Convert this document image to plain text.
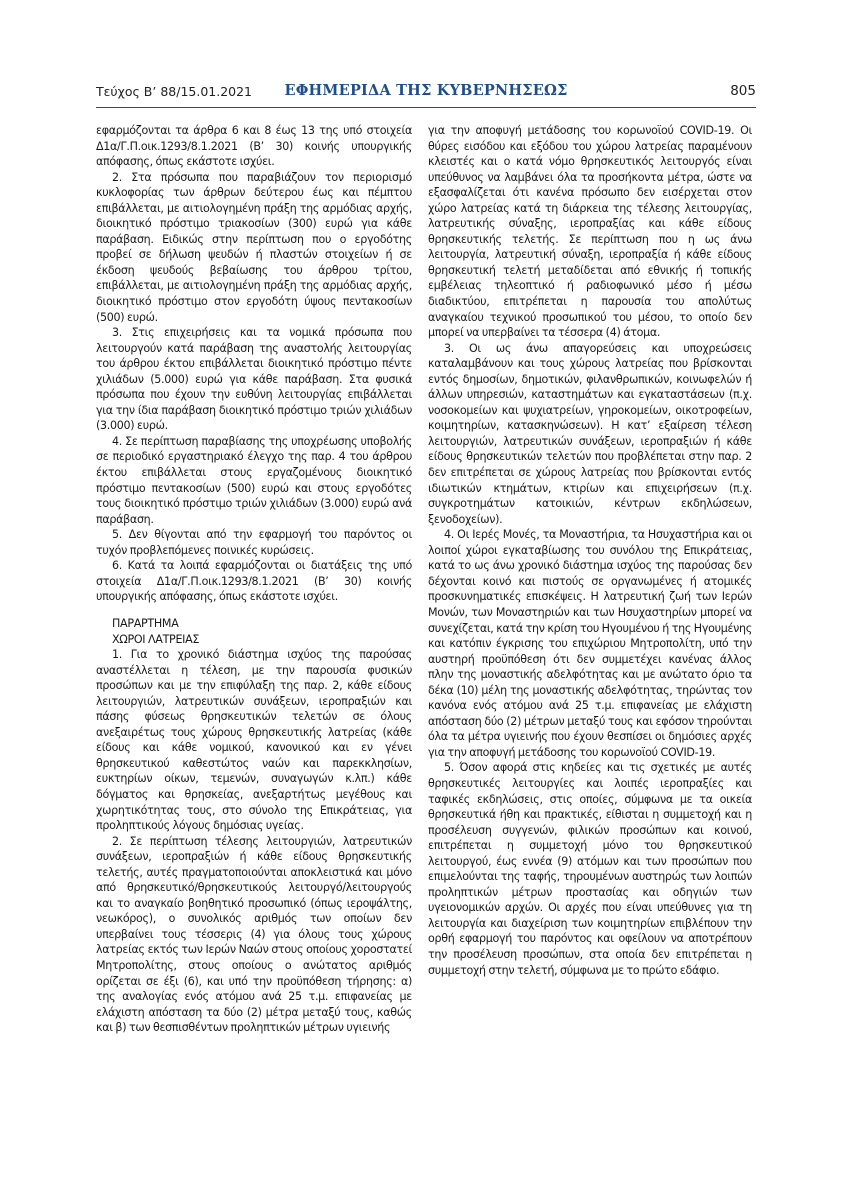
Τεύχος B’ 88/15.01.2021	ΕΦΗΜΕΡΙΔΑ ΤΗΣ ΚΥΒΕΡΝΗΣΕΩΣ	805

εφαρμόζονται τα άρθρα 6 και 8 έως 13 της υπό στοιχεία Δ1α/Γ.Π.οικ.1293/8.1.2021 (Β’ 30) κοινής υπουργικής απόφασης, όπως εκάστοτε ισχύει.

2. Στα πρόσωπα που παραβιάζουν τον περιορισμό κυκλοφορίας των άρθρων δεύτερου έως και πέμπτου επιβάλλεται, με αιτιολογημένη πράξη της αρμόδιας αρχής, διοικητικό πρόστιμο τριακοσίων (300) ευρώ για κάθε παράβαση. Ειδικώς στην περίπτωση που ο εργοδότης προβεί σε δήλωση ψευδών ή πλαστών στοιχείων ή σε έκδοση ψευδούς βεβαίωσης του άρθρου τρίτου, επιβάλλεται, με αιτιολογημένη πράξη της αρμόδιας αρχής, διοικητικό πρόστιμο στον εργοδότη ύψους πεντακοσίων (500) ευρώ.

3. Στις επιχειρήσεις και τα νομικά πρόσωπα που λειτουργούν κατά παράβαση της αναστολής λειτουργίας του άρθρου έκτου επιβάλλεται διοικητικό πρόστιμο πέντε χιλιάδων (5.000) ευρώ για κάθε παράβαση. Στα φυσικά πρόσωπα που έχουν την ευθύνη λειτουργίας επιβάλλεται για την ίδια παράβαση διοικητικό πρόστιμο τριών χιλιάδων (3.000) ευρώ.

4. Σε περίπτωση παραβίασης της υποχρέωσης υποβολής σε περιοδικό εργαστηριακό έλεγχο της παρ. 4 του άρθρου έκτου επιβάλλεται στους εργαζομένους διοικητικό πρόστιμο πεντακοσίων (500) ευρώ και στους εργοδότες τους διοικητικό πρόστιμο τριών χιλιάδων (3.000) ευρώ ανά παράβαση.

5. Δεν θίγονται από την εφαρμογή του παρόντος οι τυχόν προβλεπόμενες ποινικές κυρώσεις.

6. Κατά τα λοιπά εφαρμόζονται οι διατάξεις της υπό στοιχεία Δ1α/Γ.Π.οικ.1293/8.1.2021 (Β’ 30) κοινής υπουργικής απόφασης, όπως εκάστοτε ισχύει.

ΠΑΡΑΡΤΗΜΑ

ΧΩΡΟΙ ΛΑΤΡΕΙΑΣ

1. Για το χρονικό διάστημα ισχύος της παρούσας αναστέλλεται η τέλεση, με την παρουσία φυσικών προσώπων και με την επιφύλαξη της παρ. 2, κάθε είδους λειτουργιών, λατρευτικών συνάξεων, ιεροπραξιών και πάσης φύσεως θρησκευτικών τελετών σε όλους ανεξαιρέτως τους χώρους θρησκευτικής λατρείας (κάθε είδους και κάθε νομικού, κανονικού και εν γένει θρησκευτικού καθεστώτος ναών και παρεκκλησίων, ευκτηρίων οίκων, τεμενών, συναγωγών κ.λπ.) κάθε δόγματος και θρησκείας, ανεξαρτήτως μεγέθους και χωρητικότητας τους, στο σύνολο της Επικράτειας, για προληπτικούς λόγους δημόσιας υγείας.

2. Σε περίπτωση τέλεσης λειτουργιών, λατρευτικών συνάξεων, ιεροπραξιών ή κάθε είδους θρησκευτικής τελετής, αυτές πραγματοποιούνται αποκλειστικά και μόνο από θρησκευτικό/θρησκευτικούς λειτουργό/λειτουργούς και το αναγκαίο βοηθητικό προσωπικό (όπως ιεροψάλτης, νεωκόρος), ο συνολικός αριθμός των οποίων δεν υπερβαίνει τους τέσσερις (4) για όλους τους χώρους λατρείας εκτός των Ιερών Ναών στους οποίους χοροστατεί Μητροπολίτης, στους οποίους ο ανώτατος αριθμός ορίζεται σε έξι (6), και υπό την προϋπόθεση τήρησης: α) της αναλογίας ενός ατόμου ανά 25 τ.μ. επιφανείας με ελάχιστη απόσταση τα δύο (2) μέτρα μεταξύ τους, καθώς και β) των θεσπισθέντων προληπτικών μέτρων υγιεινής

για την αποφυγή μετάδοσης του κορωνοϊού COVID-19. Οι θύρες εισόδου και εξόδου του χώρου λατρείας παραμένουν κλειστές και ο κατά νόμο θρησκευτικός λειτουργός είναι υπεύθυνος να λαμβάνει όλα τα προσήκοντα μέτρα, ώστε να εξασφαλίζεται ότι κανένα πρόσωπο δεν εισέρχεται στον χώρο λατρείας κατά τη διάρκεια της τέλεσης λειτουργίας, λατρευτικής σύναξης, ιεροπραξίας και κάθε είδους θρησκευτικής τελετής. Σε περίπτωση που η ως άνω λειτουργία, λατρευτική σύναξη, ιεροπραξία ή κάθε είδους θρησκευτική τελετή μεταδίδεται από εθνικής ή τοπικής εμβέλειας τηλεοπτικό ή ραδιοφωνικό μέσο ή μέσω διαδικτύου, επιτρέπεται η παρουσία του απολύτως αναγκαίου τεχνικού προσωπικού του μέσου, το οποίο δεν μπορεί να υπερβαίνει τα τέσσερα (4) άτομα.

3. Οι ως άνω απαγορεύσεις και υποχρεώσεις καταλαμβάνουν και τους χώρους λατρείας που βρίσκονται εντός δημοσίων, δημοτικών, φιλανθρωπικών, κοινωφελών ή άλλων υπηρεσιών, καταστημάτων και εγκαταστάσεων (π.χ. νοσοκομείων και ψυχιατρείων, γηροκομείων, οικοτροφείων, κοιμητηρίων, κατασκηνώσεων). Η κατ’ εξαίρεση τέλεση λειτουργιών, λατρευτικών συνάξεων, ιεροπραξιών ή κάθε είδους θρησκευτικών τελετών που προβλέπεται στην παρ. 2 δεν επιτρέπεται σε χώρους λατρείας που βρίσκονται εντός ιδιωτικών κτημάτων, κτιρίων και επιχειρήσεων (π.χ. συγκροτημάτων κατοικιών, κέντρων εκδηλώσεων, ξενοδοχείων).

4. Οι Ιερές Μονές, τα Μοναστήρια, τα Ησυχαστήρια και οι λοιποί χώροι εγκαταβίωσης του συνόλου της Επικράτειας, κατά το ως άνω χρονικό διάστημα ισχύος της παρούσας δεν δέχονται κοινό και πιστούς σε οργανωμένες ή ατομικές προσκυνηματικές επισκέψεις. Η λατρευτική ζωή των Ιερών Μονών, των Μοναστηριών και των Ησυχαστηρίων μπορεί να συνεχίζεται, κατά την κρίση του Ηγουμένου ή της Ηγουμένης και κατόπιν έγκρισης του επιχώριου Μητροπολίτη, υπό την αυστηρή προϋπόθεση ότι δεν συμμετέχει κανένας άλλος πλην της μοναστικής αδελφότητας και με ανώτατο όριο τα δέκα (10) μέλη της μοναστικής αδελφότητας, τηρώντας τον κανόνα ενός ατόμου ανά 25 τ.μ. επιφανείας με ελάχιστη απόσταση δύο (2) μέτρων μεταξύ τους και εφόσον τηρούνται όλα τα μέτρα υγιεινής που έχουν θεσπίσει οι δημόσιες αρχές για την αποφυγή μετάδοσης του κορωνοϊού COVID-19.

5. Όσον αφορά στις κηδείες και τις σχετικές με αυτές θρησκευτικές λειτουργίες και λοιπές ιεροπραξίες και ταφικές εκδηλώσεις, στις οποίες, σύμφωνα με τα οικεία θρησκευτικά ήθη και πρακτικές, είθισται η συμμετοχή και η προσέλευση συγγενών, φιλικών προσώπων και κοινού, επιτρέπεται η συμμετοχή μόνο του θρησκευτικού λειτουργού, έως εννέα (9) ατόμων και των προσώπων που επιμελούνται της ταφής, τηρουμένων αυστηρώς των λοιπών προληπτικών μέτρων προστασίας και οδηγιών των υγειονομικών αρχών. Οι αρχές που είναι υπεύθυνες για τη λειτουργία και διαχείριση των κοιμητηρίων επιβλέπουν την ορθή εφαρμογή του παρόντος και οφείλουν να αποτρέπουν την προσέλευση προσώπων, στα οποία δεν επιτρέπεται η συμμετοχή στην τελετή, σύμφωνα με το πρώτο εδάφιο.
